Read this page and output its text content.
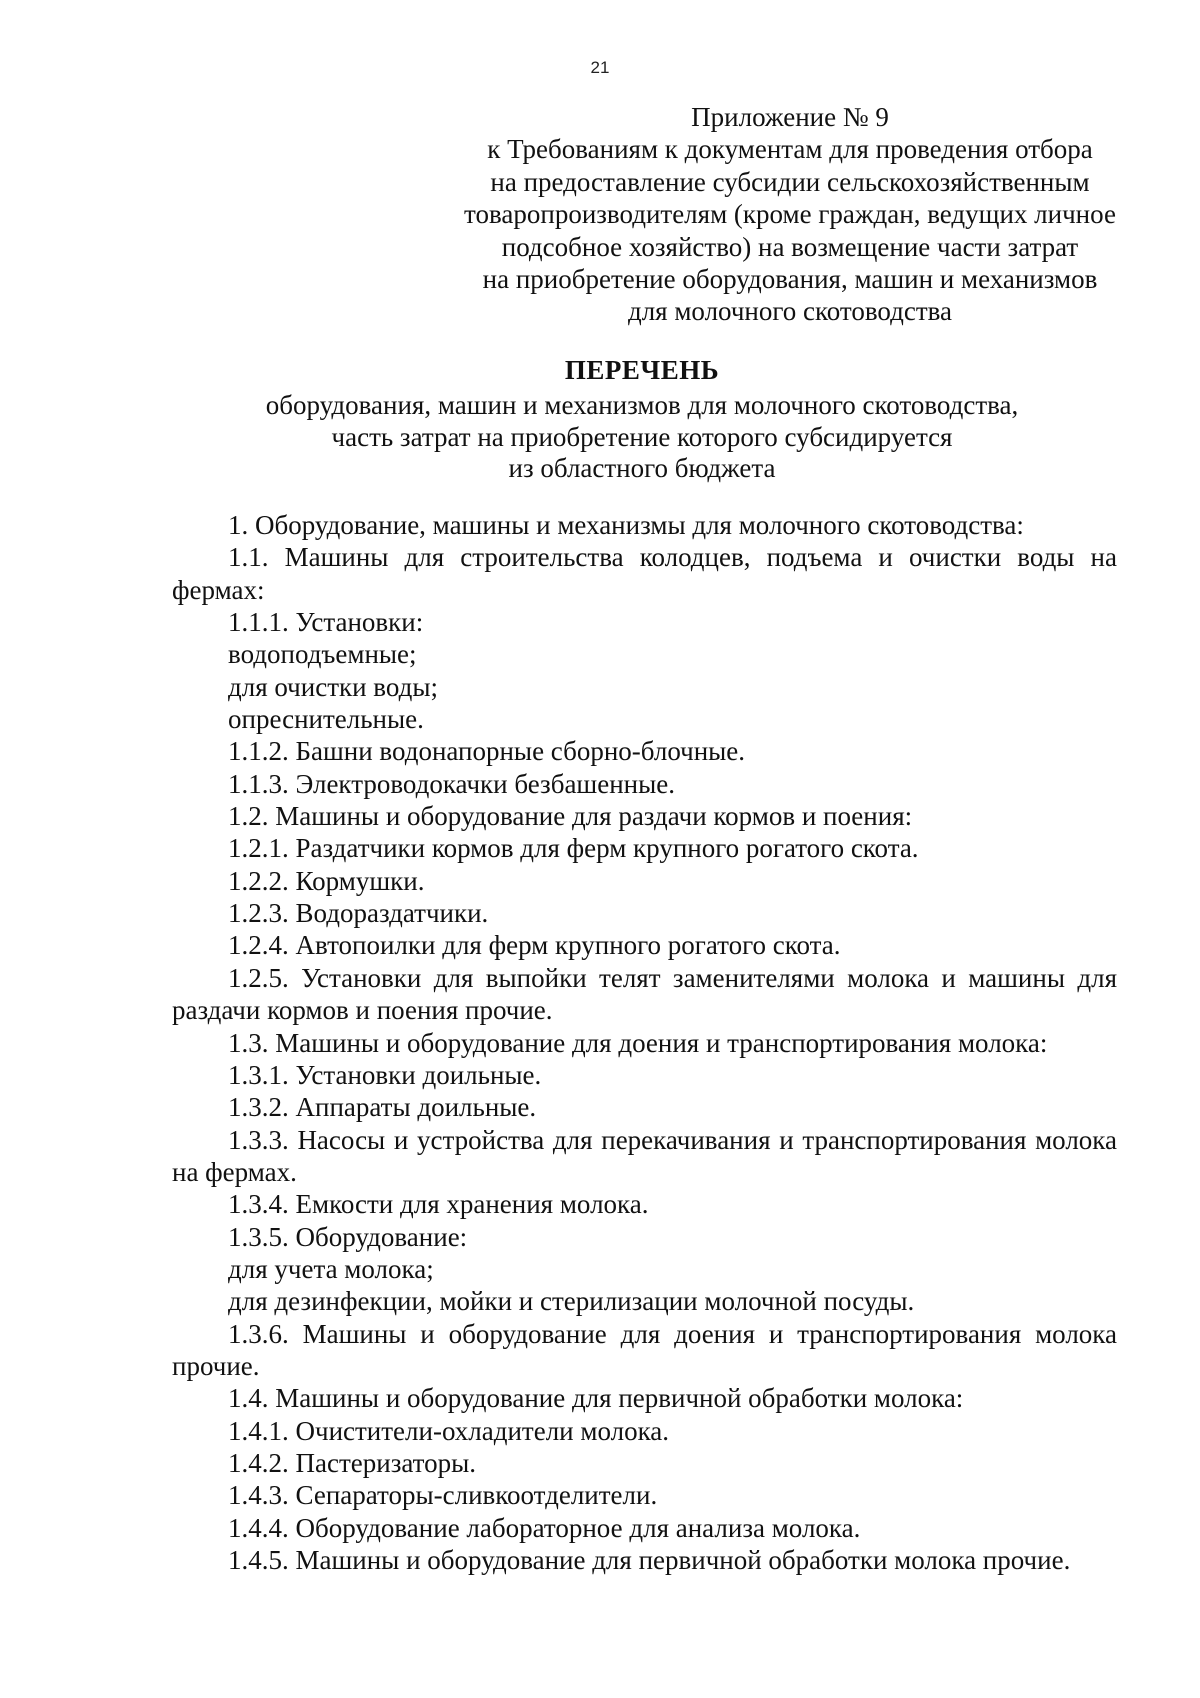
21
Приложение № 9
к Требованиям к документам для проведения отбора
на предоставление субсидии сельскохозяйственным
товаропроизводителям (кроме граждан, ведущих личное
подсобное хозяйство) на возмещение части затрат
на приобретение оборудования, машин и механизмов
для молочного скотоводства
ПЕРЕЧЕНЬ
оборудования, машин и механизмов для молочного скотоводства,
часть затрат на приобретение которого субсидируется
из областного бюджета
1. Оборудование, машины и механизмы для молочного скотоводства:
1.1. Машины для строительства колодцев, подъема и очистки воды на фермах:
1.1.1. Установки:
водоподъемные;
для очистки воды;
опреснительные.
1.1.2. Башни водонапорные сборно-блочные.
1.1.3. Электроводокачки безбашенные.
1.2. Машины и оборудование для раздачи кормов и поения:
1.2.1. Раздатчики кормов для ферм крупного рогатого скота.
1.2.2. Кормушки.
1.2.3. Водораздатчики.
1.2.4. Автопоилки для ферм крупного рогатого скота.
1.2.5. Установки для выпойки телят заменителями молока и машины для раздачи кормов и поения прочие.
1.3. Машины и оборудование для доения и транспортирования молока:
1.3.1. Установки доильные.
1.3.2. Аппараты доильные.
1.3.3. Насосы и устройства для перекачивания и транспортирования молока на фермах.
1.3.4. Емкости для хранения молока.
1.3.5. Оборудование:
для учета молока;
для дезинфекции, мойки и стерилизации молочной посуды.
1.3.6. Машины и оборудование для доения и транспортирования молока прочие.
1.4. Машины и оборудование для первичной обработки молока:
1.4.1. Очистители-охладители молока.
1.4.2. Пастеризаторы.
1.4.3. Сепараторы-сливкоотделители.
1.4.4. Оборудование лабораторное для анализа молока.
1.4.5. Машины и оборудование для первичной обработки молока прочие.
